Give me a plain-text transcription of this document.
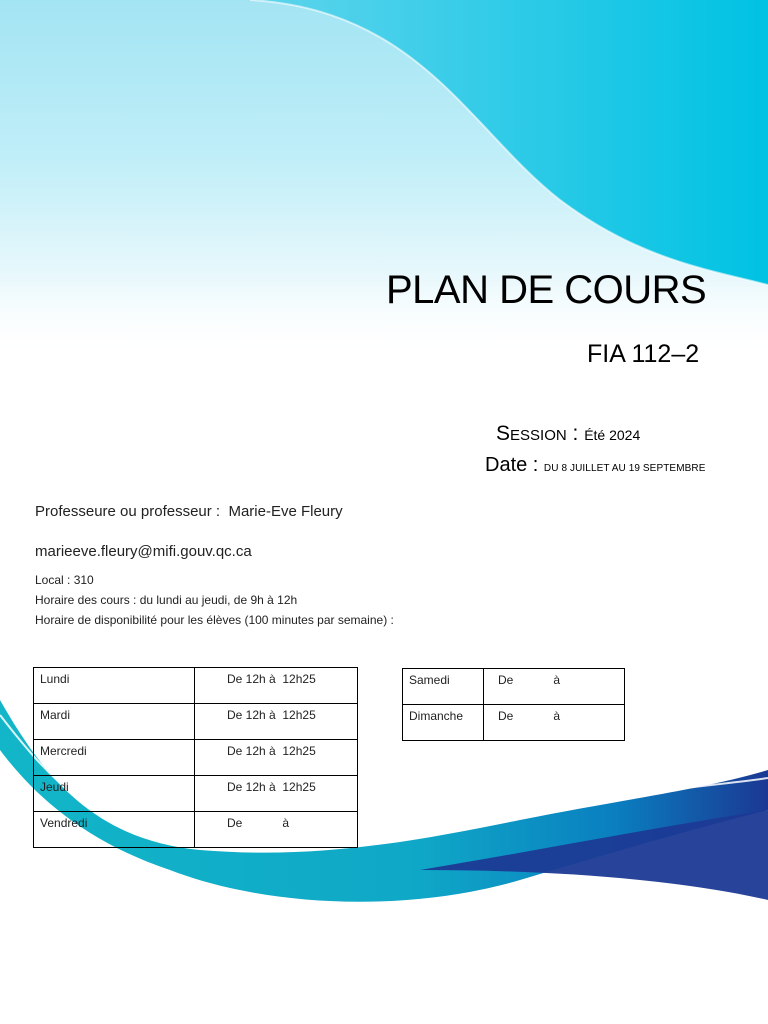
PLAN DE COURS
FIA 112–2
Session : Été 2024
Date : DU 8 JUILLET AU 19 SEPTEMBRE
Professeure ou professeur : Marie-Eve Fleury
marieeve.fleury@mifi.gouv.qc.ca
Local : 310
Horaire des cours : du lundi au jeudi, de 9h à 12h
Horaire de disponibilité pour les élèves (100 minutes par semaine) :
Lundi	De 12h à  12h25
Mardi	De 12h à  12h25
Mercredi	De 12h à  12h25
Jeudi	De 12h à  12h25
Vendredi	De            à
Samedi	De            à
Dimanche	De            à
